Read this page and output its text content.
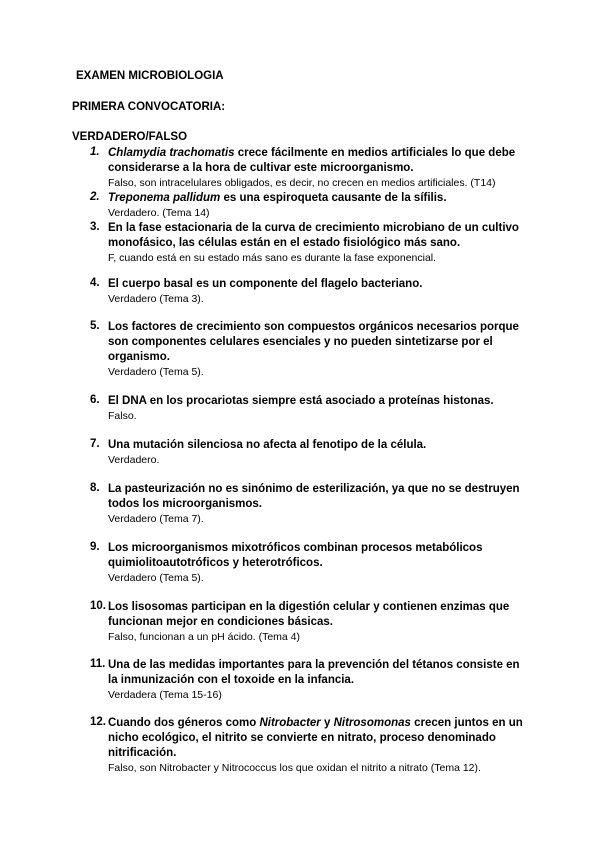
EXAMEN MICROBIOLOGIA
PRIMERA CONVOCATORIA:
VERDADERO/FALSO
1. Chlamydia trachomatis crece fácilmente en medios artificiales lo que debe considerarse a la hora de cultivar este microorganismo.
Falso, son intracelulares obligados, es decir, no crecen en medios artificiales. (T14)
2. Treponema pallidum es una espiroqueta causante de la sífilis.
Verdadero. (Tema 14)
3. En la fase estacionaria de la curva de crecimiento microbiano de un cultivo monofásico, las células están en el estado fisiológico más sano.
F, cuando está en su estado más sano es durante la fase exponencial.
4. El cuerpo basal es un componente del flagelo bacteriano.
Verdadero (Tema 3).
5. Los factores de crecimiento son compuestos orgánicos necesarios porque son componentes celulares esenciales y no pueden sintetizarse por el organismo.
Verdadero (Tema 5).
6. El DNA en los procariotas siempre está asociado a proteínas histonas.
Falso.
7. Una mutación silenciosa no afecta al fenotipo de la célula.
Verdadero.
8. La pasteurización no es sinónimo de esterilización, ya que no se destruyen todos los microorganismos.
Verdadero (Tema 7).
9. Los microorganismos mixotróficos combinan procesos metabólicos quimiolitoautotróficos y heterotróficos.
Verdadero (Tema 5).
10. Los lisosomas participan en la digestión celular y contienen enzimas que funcionan mejor en condiciones básicas.
Falso, funcionan a un pH ácido. (Tema 4)
11. Una de las medidas importantes para la prevención del tétanos consiste en la inmunización con el toxoide en la infancia.
Verdadera (Tema 15-16)
12. Cuando dos géneros como Nitrobacter y Nitrosomonas crecen juntos en un nicho ecológico, el nitrito se convierte en nitrato, proceso denominado nitrificación.
Falso, son Nitrobacter y Nitrococcus los que oxidan el nitrito a nitrato (Tema 12).
